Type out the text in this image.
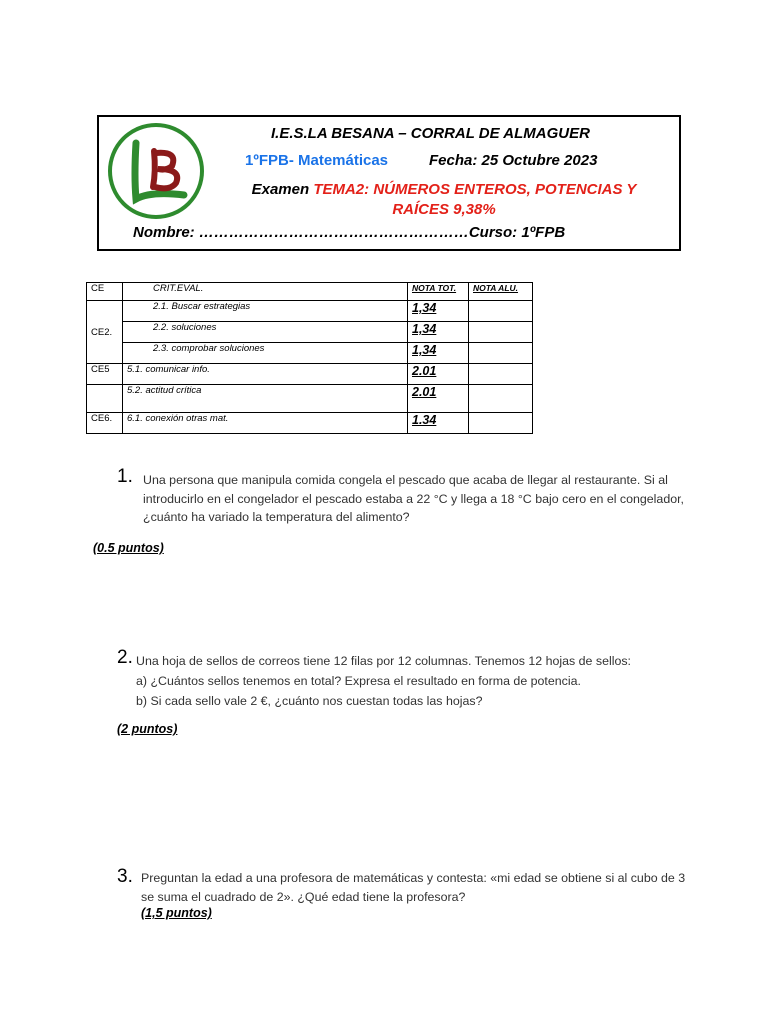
I.E.S.LA BESANA – CORRAL DE ALMAGUER
1ºFPB- Matemáticas	Fecha: 25 Octubre 2023
Examen TEMA2: NÚMEROS ENTEROS, POTENCIAS Y RAÍCES 9,38%
Nombre: ………………………………………………Curso: 1ºFPB
CE	CRIT.EVAL.	NOTA TOT.	NOTA ALU.
CE2.	2.1. Buscar estrategias	1,34	
	2.2. soluciones	1,34	
	2.3. comprobar soluciones	1,34	
CE5	5.1. comunicar info.	2.01	
	5.2. actitud crítica	2.01	
CE6.	6.1. conexión otras mat.	1.34	
1. Una persona que manipula comida congela el pescado que acaba de llegar al restaurante. Si al
introducirlo en el congelador el pescado estaba a 22 °C y llega a 18 °C bajo cero en el congelador,
¿cuánto ha variado la temperatura del alimento?
(0.5 puntos)
2. Una hoja de sellos de correos tiene 12 filas por 12 columnas. Tenemos 12 hojas de sellos:
a) ¿Cuántos sellos tenemos en total? Expresa el resultado en forma de potencia.
b) Si cada sello vale 2 €, ¿cuánto nos cuestan todas las hojas?
(2 puntos)
3. Preguntan la edad a una profesora de matemáticas y contesta: «mi edad se obtiene si al cubo de 3
se suma el cuadrado de 2». ¿Qué edad tiene la profesora?
(1,5 puntos)
